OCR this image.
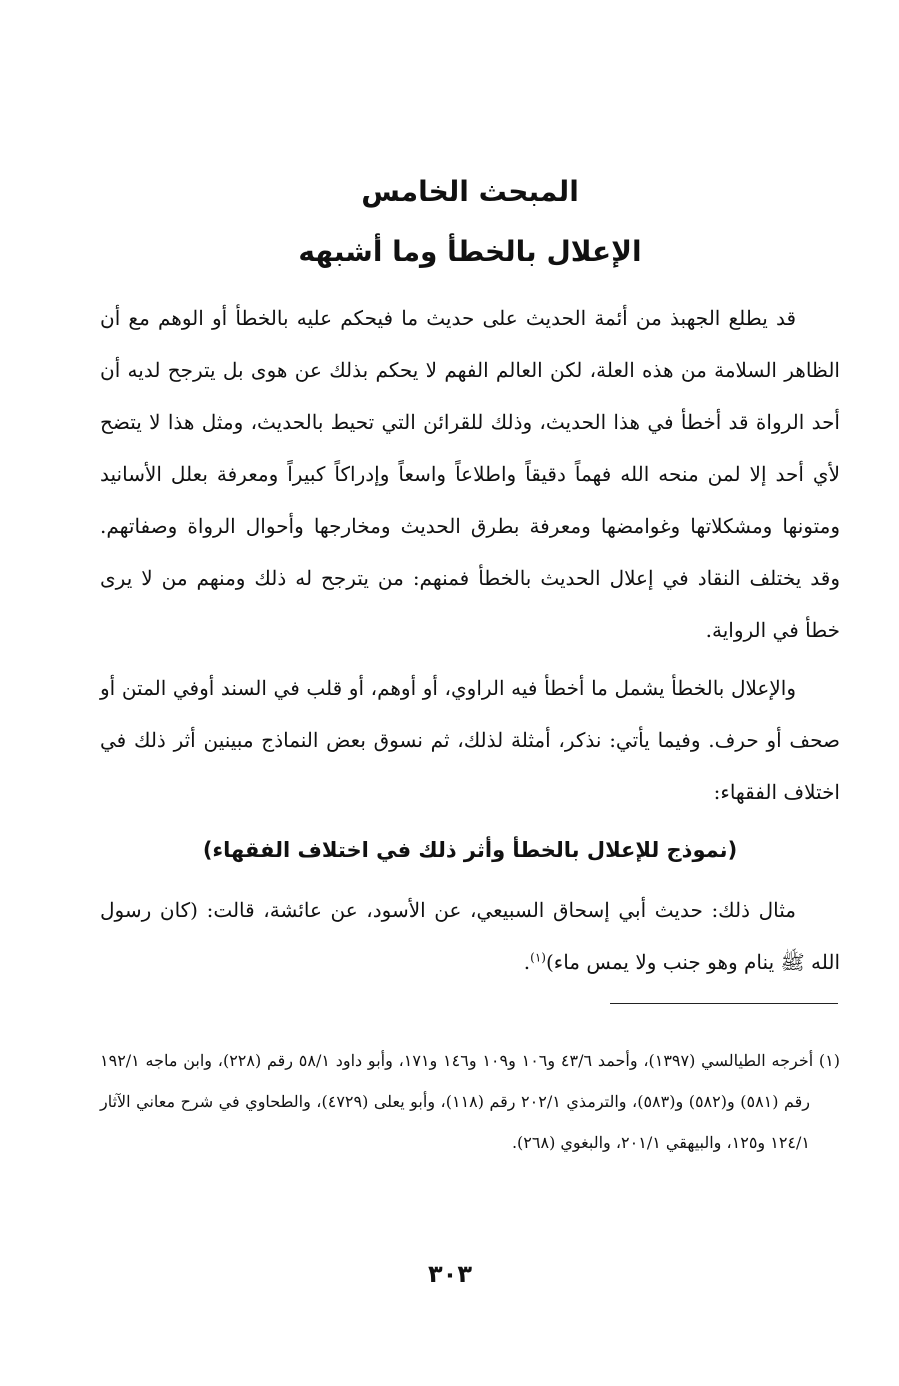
المبحث الخامس
الإعلال بالخطأ وما أشبهه

قد يطلع الجهبذ من أئمة الحديث على حديث ما فيحكم عليه بالخطأ أو الوهم مع أن الظاهر السلامة من هذه العلة، لكن العالم الفهم لا يحكم بذلك عن هوى بل يترجح لديه أن أحد الرواة قد أخطأ في هذا الحديث، وذلك للقرائن التي تحيط بالحديث، ومثل هذا لا يتضح لأي أحد إلا لمن منحه الله فهماً دقيقاً واطلاعاً واسعاً وإدراكاً كبيراً ومعرفة بعلل الأسانيد ومتونها ومشكلاتها وغوامضها ومعرفة بطرق الحديث ومخارجها وأحوال الرواة وصفاتهم. وقد يختلف النقاد في إعلال الحديث بالخطأ فمنهم: من يترجح له ذلك ومنهم من لا يرى خطأ في الرواية.

والإعلال بالخطأ يشمل ما أخطأ فيه الراوي، أو أوهم، أو قلب في السند أوفي المتن أو صحف أو حرف. وفيما يأتي: نذكر، أمثلة لذلك، ثم نسوق بعض النماذج مبينين أثر ذلك في اختلاف الفقهاء:

(نموذج للإعلال بالخطأ وأثر ذلك في اختلاف الفقهاء)

مثال ذلك: حديث أبي إسحاق السبيعي، عن الأسود، عن عائشة، قالت: (كان رسول الله ﷺ ينام وهو جنب ولا يمس ماء)$^{(١)}$.

(١) أخرجه الطيالسي (١٣٩٧)، وأحمد ٤٣/٦ و١٠٦ و١٠٩ و١٤٦ و١٧١، وأبو داود ٥٨/١ رقم (٢٢٨)، وابن ماجه ١٩٢/١ رقم (٥٨١) و(٥٨٢) و(٥٨٣)، والترمذي ٢٠٢/١ رقم (١١٨)، وأبو يعلى (٤٧٢٩)، والطحاوي في شرح معاني الآثار ١٢٤/١ و١٢٥، والبيهقي ٢٠١/١، والبغوي (٢٦٨).

٣٠٣
